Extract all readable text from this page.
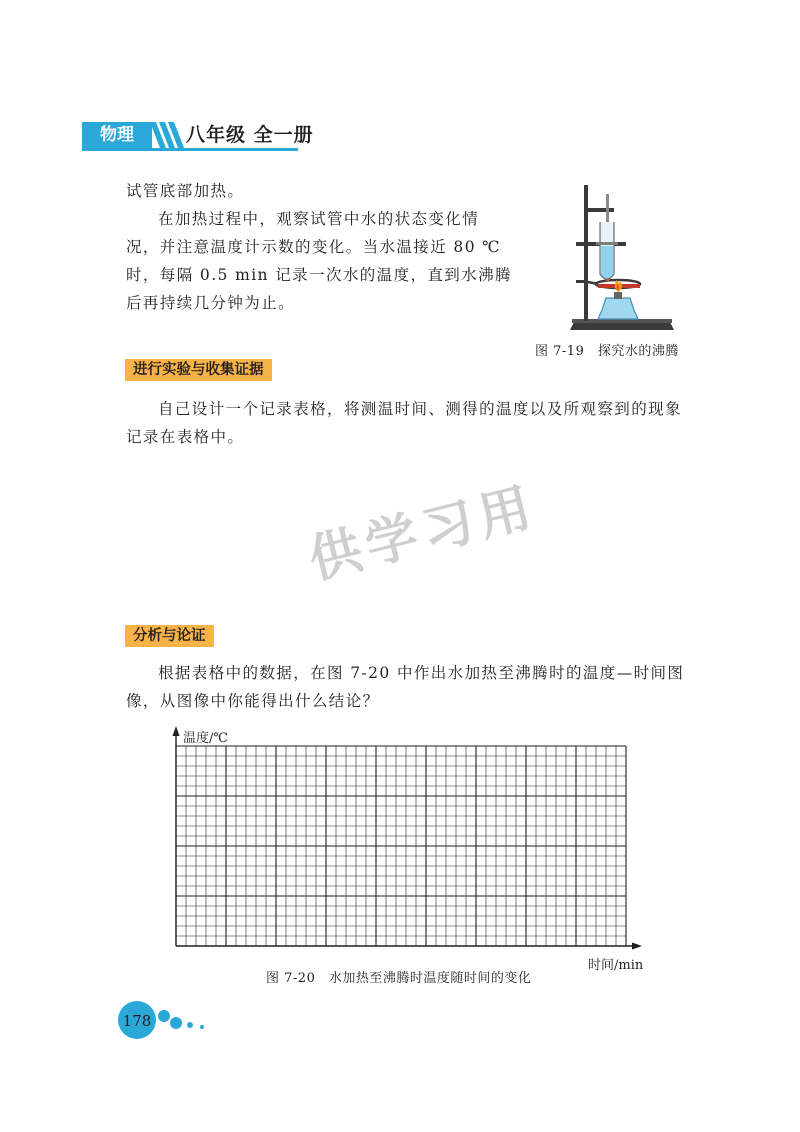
物理	八年级 全一册
试管底部加热。
在加热过程中，观察试管中水的状态变化情
况，并注意温度计示数的变化。当水温接近 80 ℃
时，每隔 0.5 min 记录一次水的温度，直到水沸腾
后再持续几分钟为止。
图 7-19　探究水的沸腾
进行实验与收集证据
自己设计一个记录表格，将测温时间、测得的温度以及所观察到的现象
记录在表格中。
供学习用
分析与论证
根据表格中的数据，在图 7-20 中作出水加热至沸腾时的温度—时间图
像，从图像中你能得出什么结论？
温度/℃
时间/min
图 7-20　水加热至沸腾时温度随时间的变化
178
